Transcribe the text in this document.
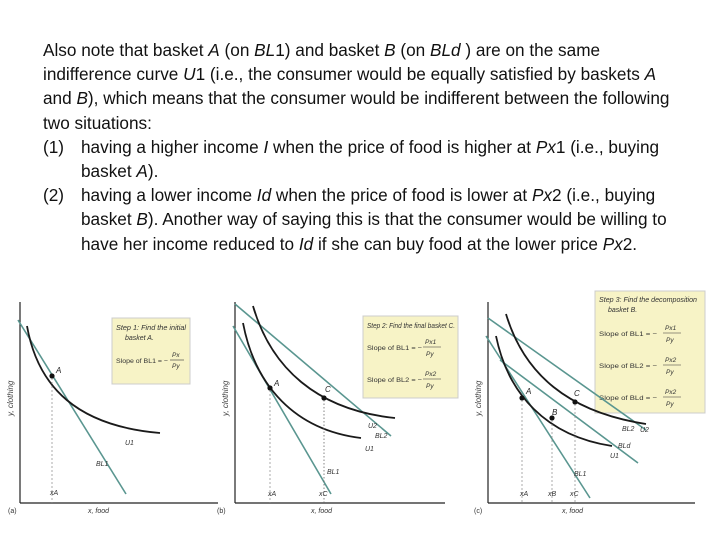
Also note that basket A (on BL1) and basket B (on BLd ) are on the same indifference curve U1 (i.e., the consumer would be equally satisfied by baskets A and B), which means that the consumer would be indifferent between the following two situations:

(1) having a higher income I when the price of food is higher at Px1 (i.e., buying basket A).
(2) having a lower income Id when the price of food is lower at Px2 (i.e., buying basket B). Another way of saying this is that the consumer would be willing to have her income reduced to Id if she can buy food at the lower price Px2.
y, clothing
Step 1: Find the initial
basket A.
Slope of BL1 = −
Px
Py
A
U1
BL1
xA
x, food
(a)
y, clothing
Step 2: Find the final basket C.
Slope of BL1 = −
Px1
Py
Slope of BL2 = −
Px2
Py
A
C
U2
U1
BL2
BL1
xA	xC
x, food
(b)
y, clothing
Step 3: Find the decomposition
basket B.
Slope of BL1 = −
Px1
Py
Slope of BL2 = −
Px2
Py
Slope of BLd = −
Px2
Py
A
B
C
BL2
BLd
BL1
U2
U1
xA	xB xC
x, food
(c)
